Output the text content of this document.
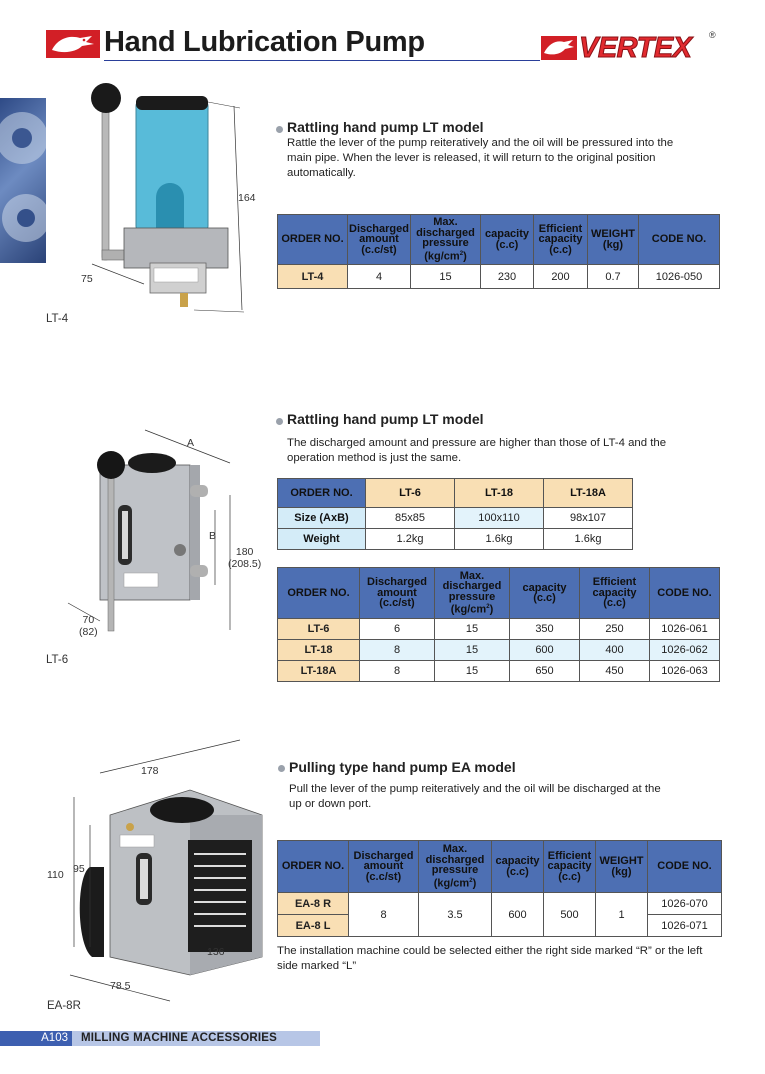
Hand Lubrication Pump	VERTEX ®
164
75
LT-4
Rattling hand pump LT model
Rattle the lever of the pump reiteratively and the oil will be pressured into the
main pipe. When the lever is released, it will return to the original position
automatically.
ORDER NO.	Discharged amount (c.c/st)	Max. discharged pressure $(kg/cm^2)$	capacity (c.c)	Efficient capacity (c.c)	WEIGHT (kg)	CODE NO.
LT-4	4	15	230	200	0.7	1026-050
A
B
180
(208.5)
70
(82)
LT-6
Rattling hand pump LT model
The discharged amount and pressure are higher than those of LT-4 and the
operation method is just the same.
ORDER NO.	LT-6	LT-18	LT-18A
Size (AxB)	85x85	100x110	98x107
Weight	1.2kg	1.6kg	1.6kg
ORDER NO.	Discharged amount (c.c/st)	Max. discharged pressure $(kg/cm^2)$	capacity (c.c)	Efficient capacity (c.c)	CODE NO.
LT-6	6	15	350	250	1026-061
LT-18	8	15	600	400	1026-062
LT-18A	8	15	650	450	1026-063
178
110 95
136
78.5
EA-8R
Pulling type hand pump EA model
Pull the lever of the pump reiteratively and the oil will be discharged at the
up or down port.
ORDER NO.	Discharged amount (c.c/st)	Max. discharged pressure $(kg/cm^2)$	capacity (c.c)	Efficient capacity (c.c)	WEIGHT (kg)	CODE NO.
EA-8 R	8	3.5	600	500	1	1026-070
EA-8 L						1026-071
The installation machine could be selected either the right side marked “R” or the left side marked “L”
A103	MILLING MACHINE ACCESSORIES
